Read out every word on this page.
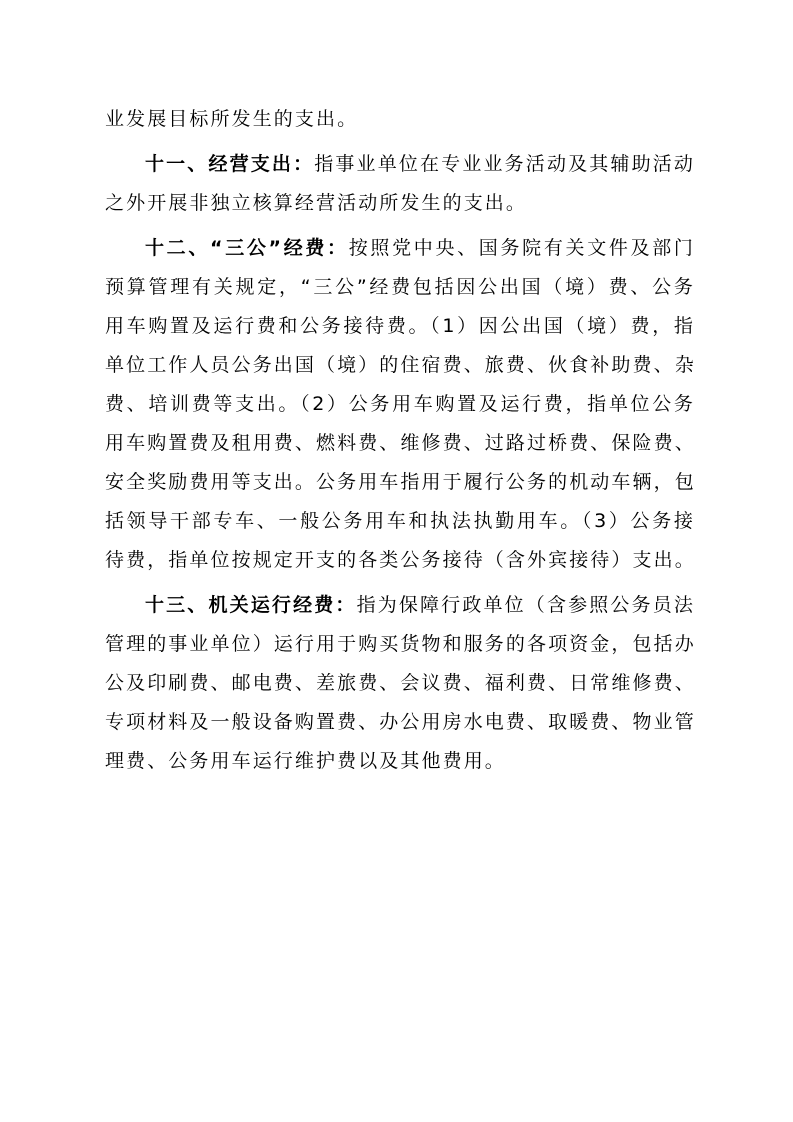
业发展目标所发生的支出。
十一、经营支出：指事业单位在专业业务活动及其辅助活动
之外开展非独立核算经营活动所发生的支出。
十二、“三公”经费：按照党中央、国务院有关文件及部门
预算管理有关规定，“三公”经费包括因公出国（境）费、公务
用车购置及运行费和公务接待费。（1）因公出国（境）费，指
单位工作人员公务出国（境）的住宿费、旅费、伙食补助费、杂
费、培训费等支出。（2）公务用车购置及运行费，指单位公务
用车购置费及租用费、燃料费、维修费、过路过桥费、保险费、
安全奖励费用等支出。公务用车指用于履行公务的机动车辆，包
括领导干部专车、一般公务用车和执法执勤用车。（3）公务接
待费，指单位按规定开支的各类公务接待（含外宾接待）支出。
十三、机关运行经费：指为保障行政单位（含参照公务员法
管理的事业单位）运行用于购买货物和服务的各项资金，包括办
公及印刷费、邮电费、差旅费、会议费、福利费、日常维修费、
专项材料及一般设备购置费、办公用房水电费、取暖费、物业管
理费、公务用车运行维护费以及其他费用。
